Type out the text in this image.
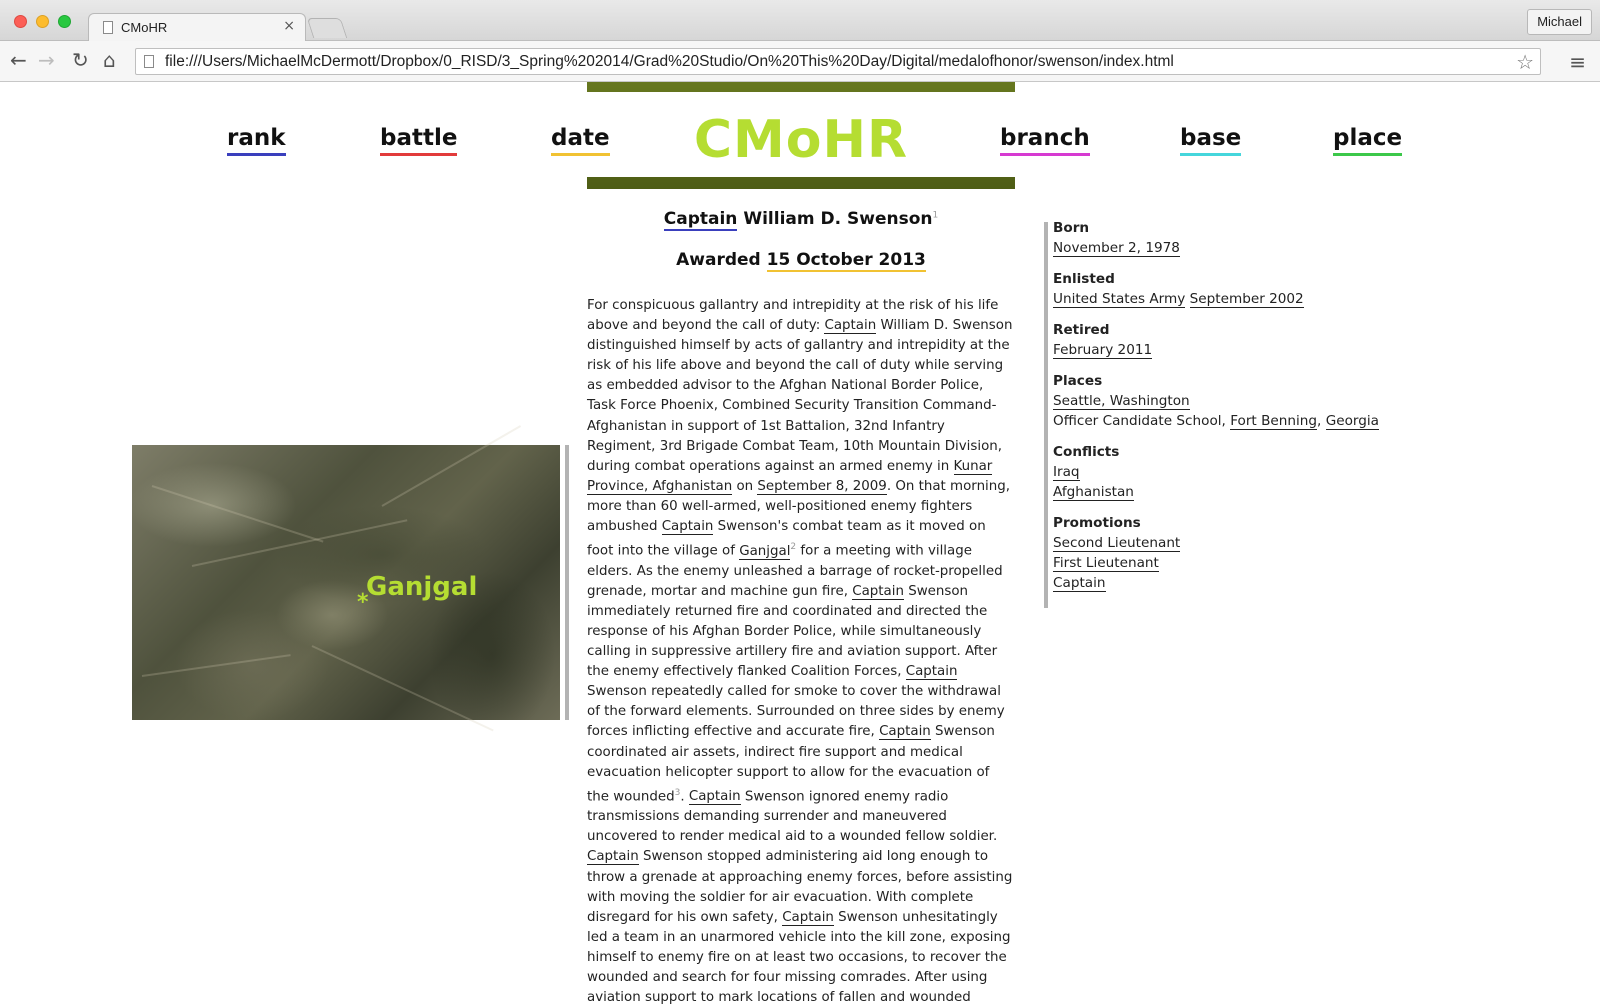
CMoHR	×	Michael
← → ↻ ⌂	file:///Users/MichaelMcDermott/Dropbox/0_RISD/3_Spring%202014/Grad%20Studio/On%20This%20Day/Digital/medalofhonor/swenson/index.html	☆ ≡
CMoHR
rank	battle	date	branch	base	place
Captain William D. Swenson$^1$
Awarded 15 October 2013
For conspicuous gallantry and intrepidity at the risk of his life above and beyond the call of duty: Captain William D. Swenson distinguished himself by acts of gallantry and intrepidity at the risk of his life above and beyond the call of duty while serving as embedded advisor to the Afghan National Border Police, Task Force Phoenix, Combined Security Transition Command-Afghanistan in support of 1st Battalion, 32nd Infantry Regiment, 3rd Brigade Combat Team, 10th Mountain Division, during combat operations against an armed enemy in Kunar Province, Afghanistan on September 8, 2009. On that morning, more than 60 well-armed, well-positioned enemy fighters ambushed Captain Swenson's combat team as it moved on foot into the village of Ganjgal$^2$ for a meeting with village elders. As the enemy unleashed a barrage of rocket-propelled grenade, mortar and machine gun fire, Captain Swenson immediately returned fire and coordinated and directed the response of his Afghan Border Police, while simultaneously calling in suppressive artillery fire and aviation support. After the enemy effectively flanked Coalition Forces, Captain Swenson repeatedly called for smoke to cover the withdrawal of the forward elements. Surrounded on three sides by enemy forces inflicting effective and accurate fire, Captain Swenson coordinated air assets, indirect fire support and medical evacuation helicopter support to allow for the evacuation of the wounded$^3$. Captain Swenson ignored enemy radio transmissions demanding surrender and maneuvered uncovered to render medical aid to a wounded fellow soldier. Captain Swenson stopped administering aid long enough to throw a grenade at approaching enemy forces, before assisting with moving the soldier for air evacuation. With complete disregard for his own safety, Captain Swenson unhesitatingly led a team in an unarmored vehicle into the kill zone, exposing himself to enemy fire on at least two occasions, to recover the wounded and search for four missing comrades. After using aviation support to mark locations of fallen and wounded
*
Ganjgal
Born
November 2, 1978
Enlisted
United States Army September 2002
Retired
February 2011
Places
Seattle, Washington
Officer Candidate School, Fort Benning, Georgia
Conflicts
Iraq
Afghanistan
Promotions
Second Lieutenant
First Lieutenant
Captain
